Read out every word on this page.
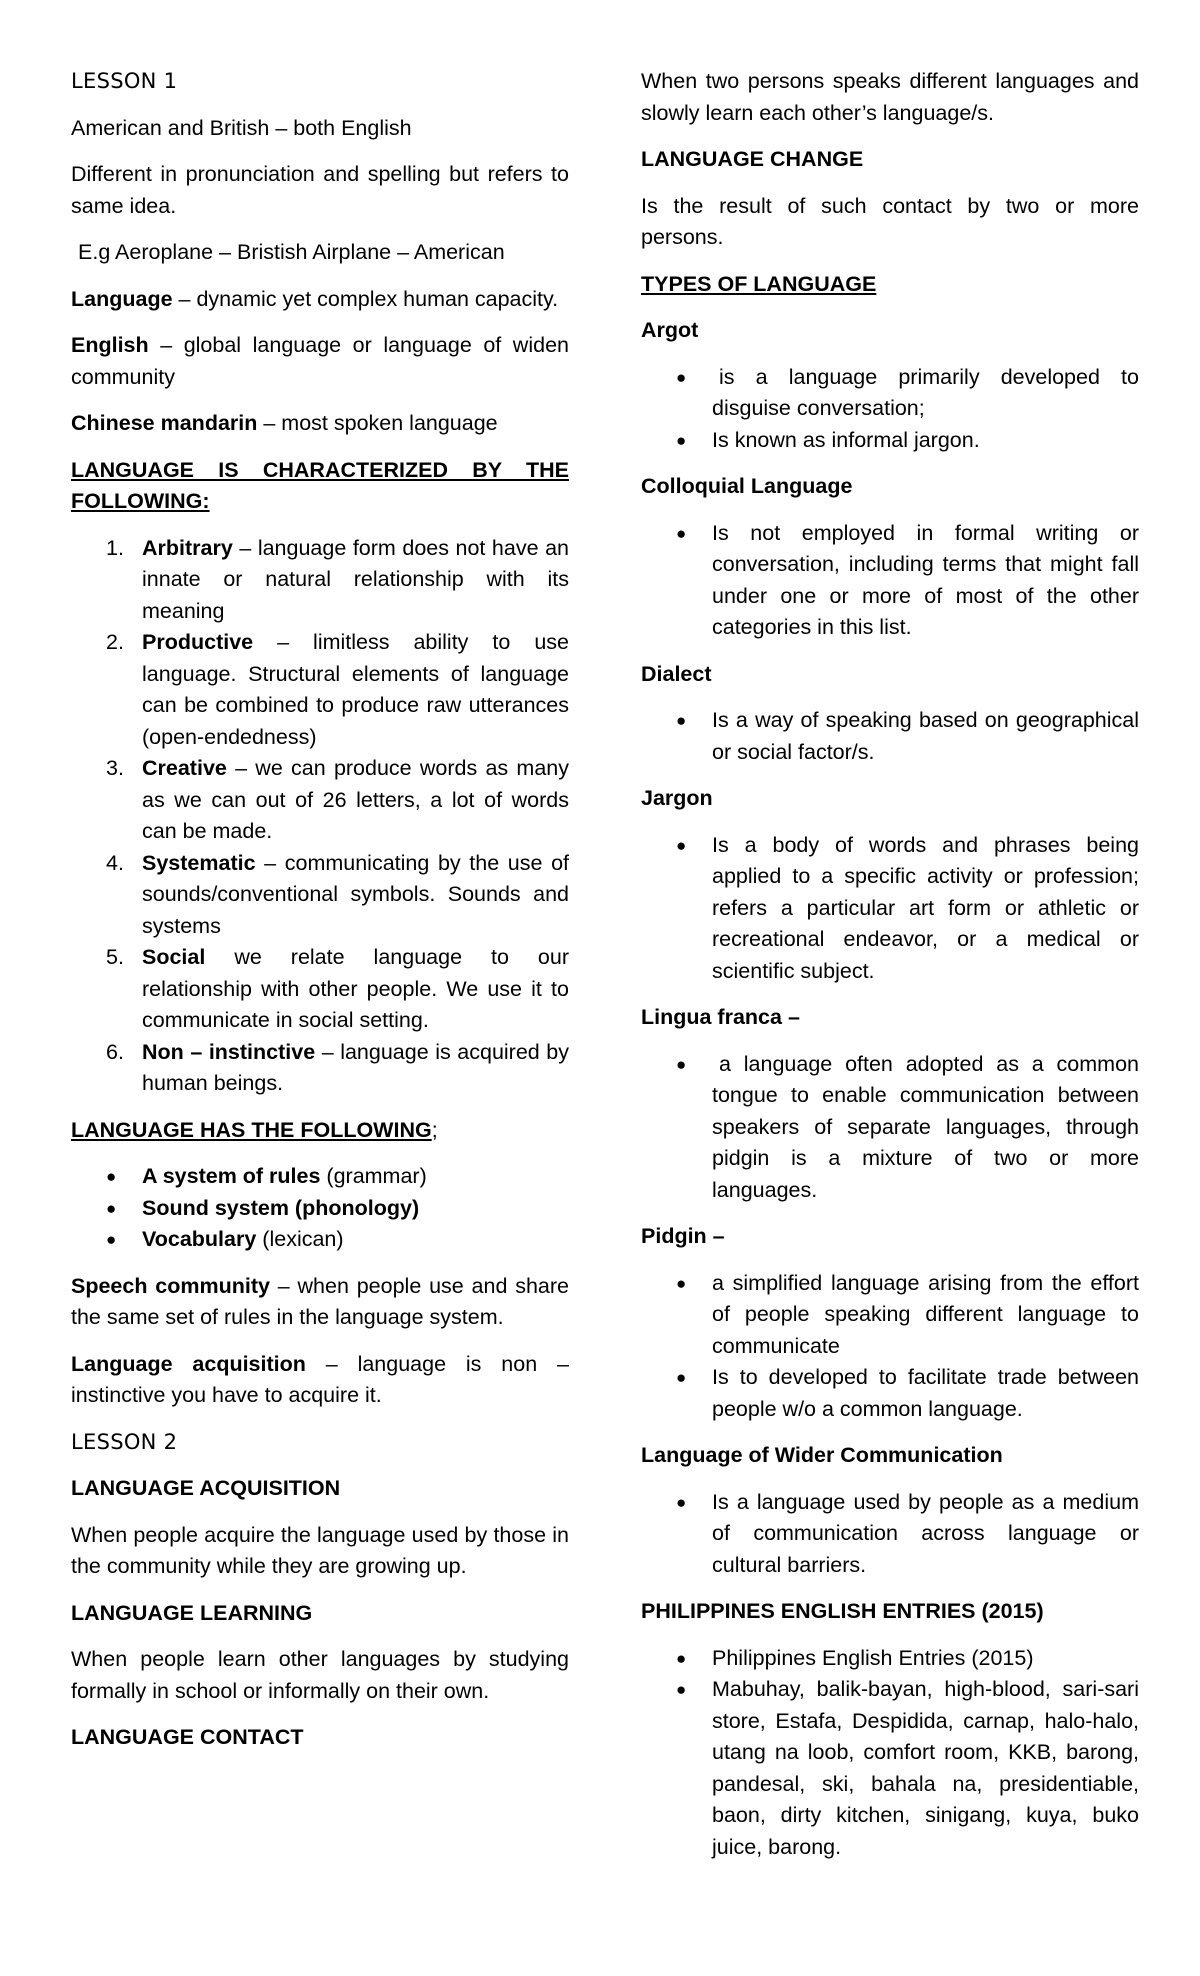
LESSON 1

American and British – both English

Different in pronunciation and spelling but refers to same idea.

E.g Aeroplane – Bristish Airplane – American

Language – dynamic yet complex human capacity.

English – global language or language of widen community

Chinese mandarin – most spoken language

LANGUAGE IS CHARACTERIZED BY THE FOLLOWING:

1. Arbitrary – language form does not have an innate or natural relationship with its meaning
2. Productive – limitless ability to use language. Structural elements of language can be combined to produce raw utterances (open-endedness)
3. Creative – we can produce words as many as we can out of 26 letters, a lot of words can be made.
4. Systematic – communicating by the use of sounds/conventional symbols. Sounds and systems
5. Social we relate language to our relationship with other people. We use it to communicate in social setting.
6. Non – instinctive – language is acquired by human beings.

LANGUAGE HAS THE FOLLOWING;

● A system of rules (grammar)
● Sound system (phonology)
● Vocabulary (lexican)

Speech community – when people use and share the same set of rules in the language system.

Language acquisition – language is non – instinctive you have to acquire it.

LESSON 2

LANGUAGE ACQUISITION

When people acquire the language used by those in the community while they are growing up.

LANGUAGE LEARNING

When people learn other languages by studying formally in school or informally on their own.

LANGUAGE CONTACT

When two persons speaks different languages and slowly learn each other’s language/s.

LANGUAGE CHANGE

Is the result of such contact by two or more persons.

TYPES OF LANGUAGE

Argot

● is a language primarily developed to disguise conversation;
● Is known as informal jargon.

Colloquial Language

● Is not employed in formal writing or conversation, including terms that might fall under one or more of most of the other categories in this list.

Dialect

● Is a way of speaking based on geographical or social factor/s.

Jargon

● Is a body of words and phrases being applied to a specific activity or profession; refers a particular art form or athletic or recreational endeavor, or a medical or scientific subject.

Lingua franca –

● a language often adopted as a common tongue to enable communication between speakers of separate languages, through pidgin is a mixture of two or more languages.

Pidgin –

● a simplified language arising from the effort of people speaking different language to communicate
● Is to developed to facilitate trade between people w/o a common language.

Language of Wider Communication

● Is a language used by people as a medium of communication across language or cultural barriers.

PHILIPPINES ENGLISH ENTRIES (2015)

● Philippines English Entries (2015)
● Mabuhay, balik-bayan, high-blood, sari-sari store, Estafa, Despidida, carnap, halo-halo, utang na loob, comfort room, KKB, barong, pandesal, ski, bahala na, presidentiable, baon, dirty kitchen, sinigang, kuya, buko juice, barong.
